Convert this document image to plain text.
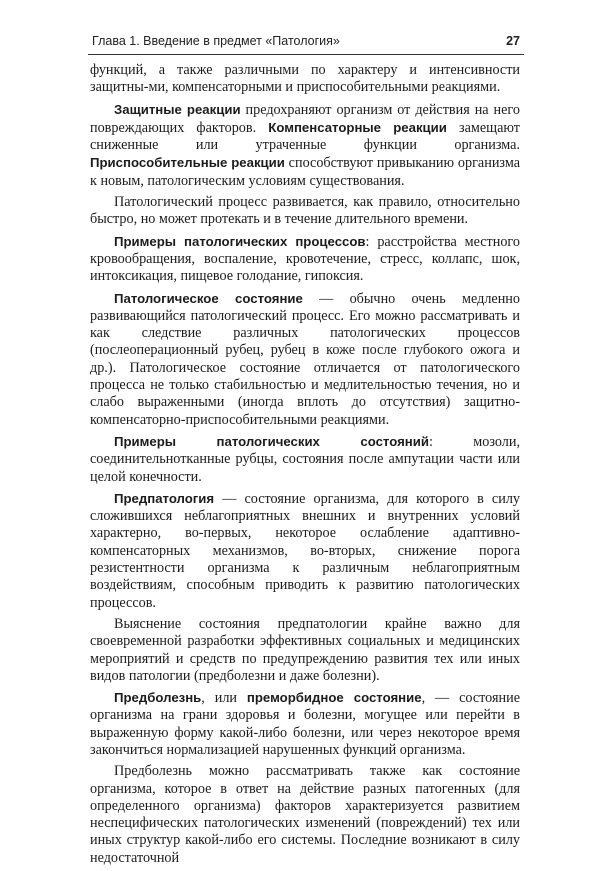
Глава 1. Введение в предмет «Патология»	27

функций, а также различными по характеру и интенсивности защитны-ми, компенсаторными и приспособительными реакциями.

Защитные реакции предохраняют организм от действия на него повреждающих факторов. Компенсаторные реакции замещают сниженные или утраченные функции организма. Приспособительные реакции способствуют привыканию организма к новым, патологическим условиям существования.

Патологический процесс развивается, как правило, относительно быстро, но может протекать и в течение длительного времени.

Примеры патологических процессов: расстройства местного кровообращения, воспаление, кровотечение, стресс, коллапс, шок, интоксикация, пищевое голодание, гипоксия.

Патологическое состояние — обычно очень медленно развивающийся патологический процесс. Его можно рассматривать и как следствие различных патологических процессов (послеоперационный рубец, рубец в коже после глубокого ожога и др.). Патологическое состояние отличается от патологического процесса не только стабильностью и медлительностью течения, но и слабо выраженными (иногда вплоть до отсутствия) защитно-компенсаторно-приспособительными реакциями.

Примеры патологических состояний: мозоли, соединительнотканные рубцы, состояния после ампутации части или целой конечности.

Предпатология — состояние организма, для которого в силу сложившихся неблагоприятных внешних и внутренних условий характерно, во-первых, некоторое ослабление адаптивно-компенсаторных механизмов, во-вторых, снижение порога резистентности организма к различным неблагоприятным воздействиям, способным приводить к развитию патологических процессов.

Выяснение состояния предпатологии крайне важно для своевременной разработки эффективных социальных и медицинских мероприятий и средств по предупреждению развития тех или иных видов патологии (предболезни и даже болезни).

Предболезнь, или преморбидное состояние, — состояние организма на грани здоровья и болезни, могущее или перейти в выраженную форму какой-либо болезни, или через некоторое время закончиться нормализацией нарушенных функций организма.

Предболезнь можно рассматривать также как состояние организма, которое в ответ на действие разных патогенных (для определенного организма) факторов характеризуется развитием неспецифических патологических изменений (повреждений) тех или иных структур какой-либо его системы. Последние возникают в силу недостаточной
